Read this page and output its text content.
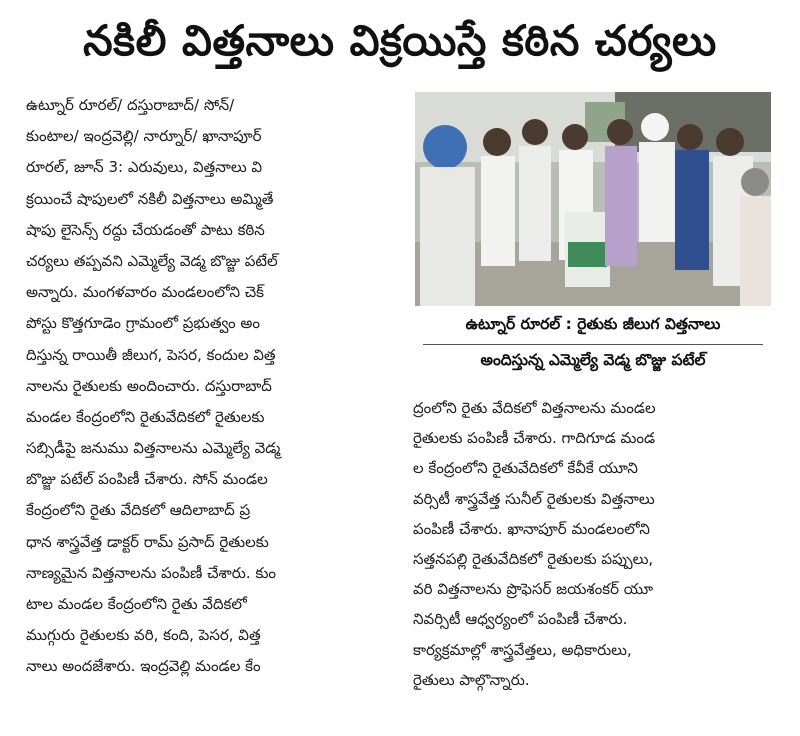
నకిలీ విత్తనాలు విక్రయిస్తే కఠిన చర్యలు
ఉట్నూర్ రూరల్/ దస్తురాబాద్/ సోన్/
కుంటాల/ ఇంద్రవెల్లి/ నార్నూర్/ ఖానాపూర్
రూరల్, జూన్ 3: ఎరువులు, విత్తనాలు వి
క్రయించే షాపులలో నకిలీ విత్తనాలు అమ్మితే
షాపు లైసెన్స్ రద్దు చేయడంతో పాటు కఠిన
చర్యలు తప్పవని ఎమ్మెల్యే వెడ్మ బొజ్జు పటేల్
అన్నారు. మంగళవారం మండలంలోని చెక్
పోస్టు కొత్తగూడెం గ్రామంలో ప్రభుత్వం అం
దిస్తున్న రాయితీ జీలుగ, పెసర, కందుల విత్త
నాలను రైతులకు అందించారు. దస్తురాబాద్
మండల కేంద్రంలోని రైతువేదికలో రైతులకు
సబ్సిడీపై జనుము విత్తనాలను ఎమ్మెల్యే వెడ్మ
బొజ్జు పటేల్ పంపిణీ చేశారు. సోన్ మండల
కేంద్రంలోని రైతు వేదికలో ఆదిలాబాద్ ప్ర
ధాన శాస్త్రవేత్త డాక్టర్ రామ్ ప్రసాద్ రైతులకు
నాణ్యమైన విత్తనాలను పంపిణీ చేశారు. కుం
టాల మండల కేంద్రంలోని రైతు వేదికలో
ముగ్గురు రైతులకు వరి, కంది, పెసర, విత్త
నాలు అందజేశారు. ఇంద్రవెల్లి మండల కేం
ఉట్నూర్ రూరల్ : రైతుకు జీలుగ విత్తనాలు
అందిస్తున్న ఎమ్మెల్యే వెడ్మ బొజ్జు పటేల్
ద్రంలోని రైతు వేదికలో విత్తనాలను మండల
రైతులకు పంపిణీ చేశారు. గాదిగూడ మండ
ల కేంద్రంలోని రైతువేదికలో కేవీకే యూని
వర్సిటీ శాస్త్రవేత్త సునీల్ రైతులకు విత్తనాలు
పంపిణీ చేశారు. ఖానాపూర్ మండలంలోని
సత్తనపల్లి రైతువేదికలో రైతులకు పప్పులు,
వరి విత్తనాలను ప్రొఫెసర్ జయశంకర్ యూ
నివర్సిటీ ఆధ్వర్యంలో పంపిణీ చేశారు.
కార్యక్రమాల్లో శాస్త్రవేత్తలు, అధికారులు,
రైతులు పాల్గొన్నారు.
